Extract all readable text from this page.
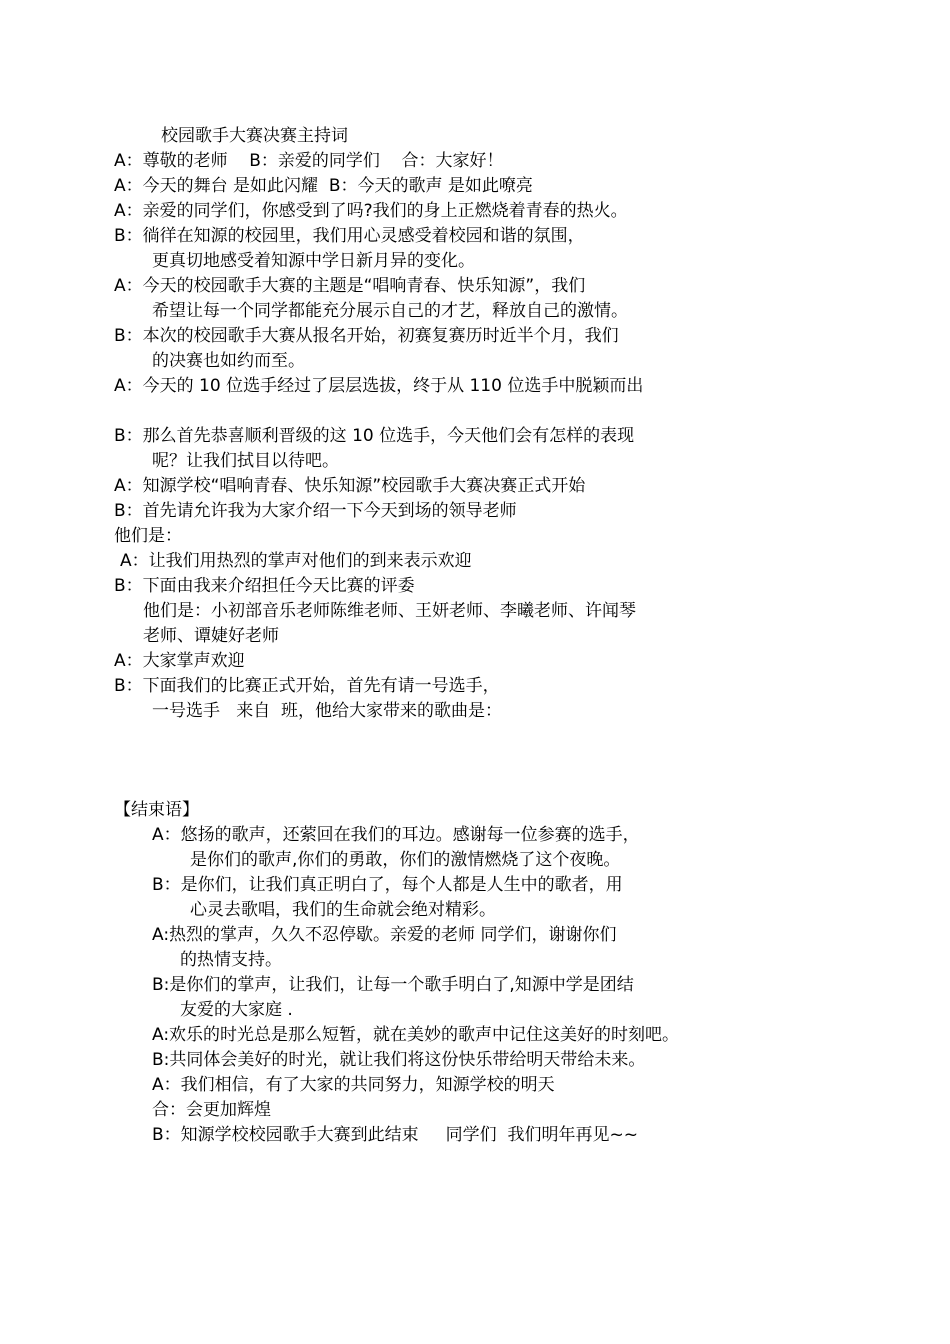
校园歌手大赛决赛主持词
A：尊敬的老师    B：亲爱的同学们    合：大家好！
A：今天的舞台 是如此闪耀  B：今天的歌声 是如此嘹亮
A：亲爱的同学们，你感受到了吗?我们的身上正燃烧着青春的热火。
B：徜徉在知源的校园里，我们用心灵感受着校园和谐的氛围，
更真切地感受着知源中学日新月异的变化。
A：今天的校园歌手大赛的主题是“唱响青春、快乐知源”，我们
希望让每一个同学都能充分展示自己的才艺，释放自己的激情。
B：本次的校园歌手大赛从报名开始，初赛复赛历时近半个月，我们
的决赛也如约而至。
A：今天的 10 位选手经过了层层选拔，终于从 110 位选手中脱颖而出
B：那么首先恭喜顺利晋级的这 10 位选手，今天他们会有怎样的表现
呢？让我们拭目以待吧。
A：知源学校“唱响青春、快乐知源”校园歌手大赛决赛正式开始
B：首先请允许我为大家介绍一下今天到场的领导老师
他们是：
A：让我们用热烈的掌声对他们的到来表示欢迎
B：下面由我来介绍担任今天比赛的评委
他们是：小初部音乐老师陈维老师、王妍老师、李曦老师、许闻琴
老师、谭婕好老师
A：大家掌声欢迎
B：下面我们的比赛正式开始，首先有请一号选手，
一号选手   来自  班，他给大家带来的歌曲是：
【结束语】
A：悠扬的歌声，还萦回在我们的耳边。感谢每一位参赛的选手，
是你们的歌声,你们的勇敢，你们的激情燃烧了这个夜晚。
B：是你们，让我们真正明白了，每个人都是人生中的歌者，用
心灵去歌唱，我们的生命就会绝对精彩。
A:热烈的掌声，久久不忍停歇。亲爱的老师 同学们，谢谢你们
的热情支持。
B:是你们的掌声，让我们，让每一个歌手明白了,知源中学是团结
友爱的大家庭 .
A:欢乐的时光总是那么短暂，就在美妙的歌声中记住这美好的时刻吧。
B:共同体会美好的时光，就让我们将这份快乐带给明天带给未来。
A：我们相信，有了大家的共同努力，知源学校的明天
合：会更加辉煌
B：知源学校校园歌手大赛到此结束     同学们  我们明年再见~~
